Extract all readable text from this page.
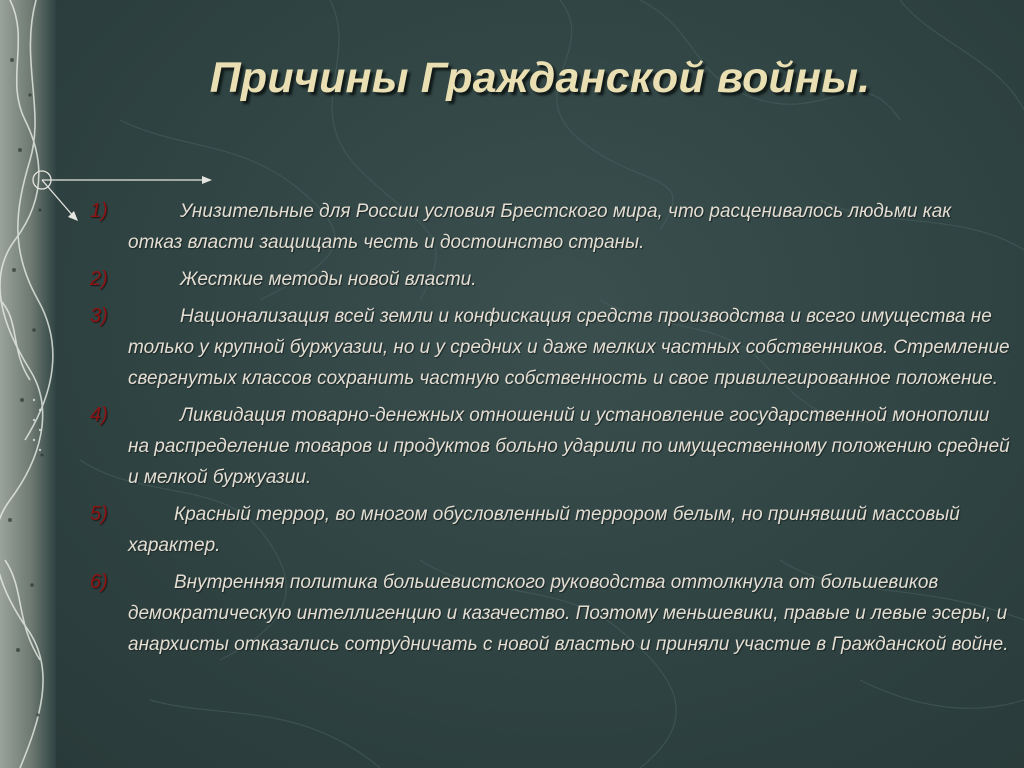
Причины Гражданской войны.
1)	Унизительные для России условия Брестского мира, что расценивалось людьми как отказ власти защищать честь и достоинство страны.
2)	Жесткие методы новой власти.
3)	Национализация всей земли и конфискация средств производства и всего имущества не только у крупной буржуазии, но и у средних и даже мелких частных собственников. Стремление свергнутых классов сохранить частную собственность и свое привилегированное положение.
4)	Ликвидация товарно-денежных отношений и установление государственной монополии на распределение товаров и продуктов больно ударили по имущественному положению средней и мелкой буржуазии.
5)	Красный террор, во многом обусловленный террором белым, но принявший массовый характер.
6)	Внутренняя политика большевистского руководства оттолкнула от большевиков демократическую интеллигенцию и казачество. Поэтому меньшевики, правые и левые эсеры, и анархисты отказались сотрудничать с новой властью и приняли участие в Гражданской войне.
